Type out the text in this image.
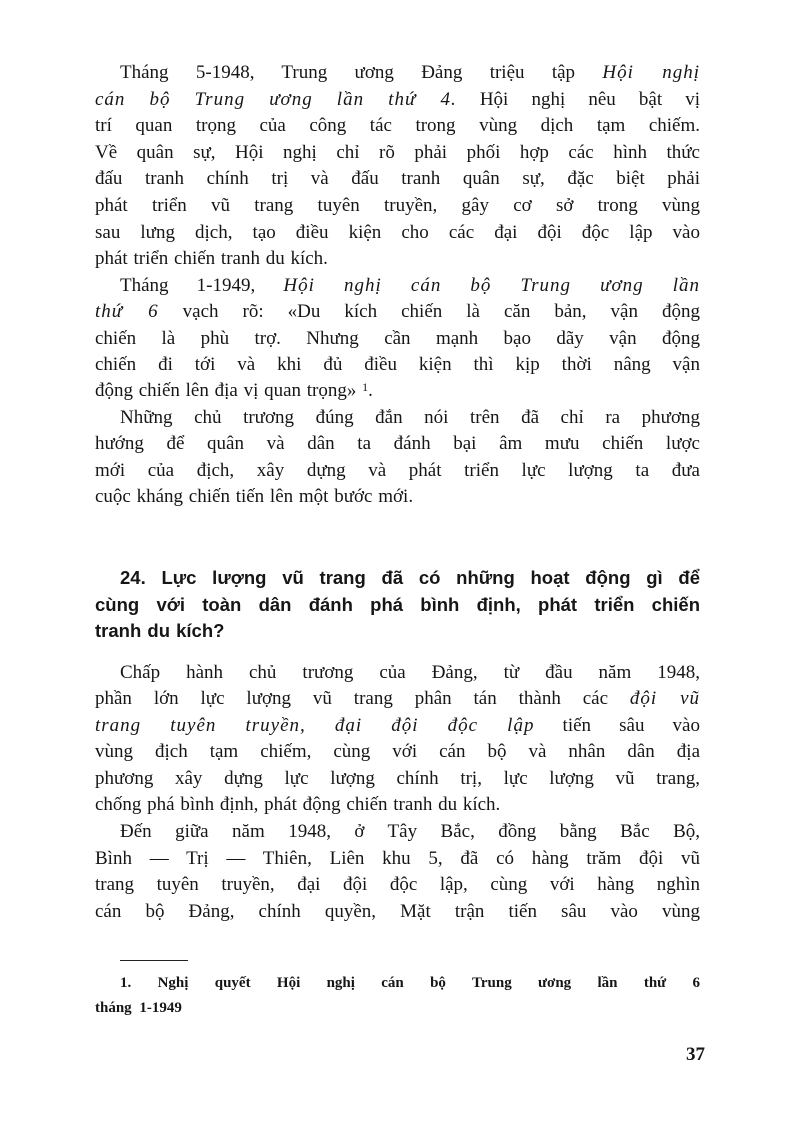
Tháng 5-1948, Trung ương Đảng triệu tập Hội nghị
cán bộ Trung ương lần thứ 4. Hội nghị nêu bật vị
trí quan trọng của công tác trong vùng dịch tạm chiếm.
Về quân sự, Hội nghị chỉ rõ phải phối hợp các hình thức
đấu tranh chính trị và đấu tranh quân sự, đặc biệt phải
phát triển vũ trang tuyên truyền, gây cơ sở trong vùng
sau lưng dịch, tạo điều kiện cho các đại đội độc lập vào
phát triển chiến tranh du kích.
Tháng 1-1949, Hội nghị cán bộ Trung ương lần
thứ 6 vạch rõ: «Du kích chiến là căn bản, vận động
chiến là phù trợ. Nhưng cần mạnh bạo dãy vận động
chiến đi tới và khi đủ điều kiện thì kịp thời nâng vận
động chiến lên địa vị quan trọng» $^1$.
Những chủ trương đúng đắn nói trên đã chỉ ra phương
hướng để quân và dân ta đánh bại âm mưu chiến lược
mới của địch, xây dựng và phát triển lực lượng ta đưa
cuộc kháng chiến tiến lên một bước mới.
24. Lực lượng vũ trang đã có những hoạt động gì để
cùng với toàn dân đánh phá bình định, phát triển chiến
tranh du kích?
Chấp hành chủ trương của Đảng, từ đầu năm 1948,
phần lớn lực lượng vũ trang phân tán thành các đội vũ
trang tuyên truyền, đại đội độc lập tiến sâu vào
vùng địch tạm chiếm, cùng với cán bộ và nhân dân địa
phương xây dựng lực lượng chính trị, lực lượng vũ trang,
chống phá bình định, phát động chiến tranh du kích.
Đến giữa năm 1948, ở Tây Bắc, đồng bằng Bắc Bộ,
Bình — Trị — Thiên, Liên khu 5, đã có hàng trăm đội vũ
trang tuyên truyền, đại đội độc lập, cùng với hàng nghìn
cán bộ Đảng, chính quyền, Mặt trận tiến sâu vào vùng
1. Nghị quyết Hội nghị cán bộ Trung ương lần thứ 6
tháng 1-1949
37
